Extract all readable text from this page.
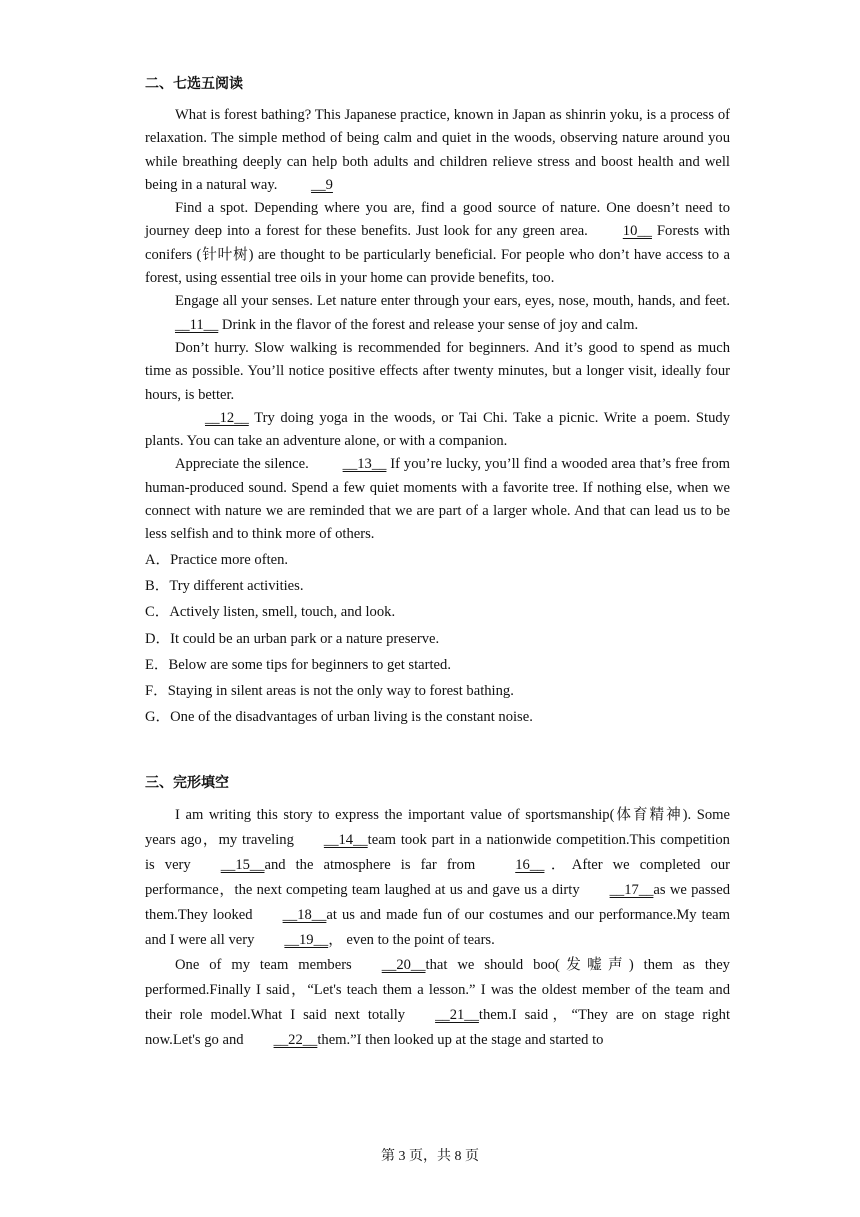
二、七选五阅读

What is forest bathing? This Japanese practice, known in Japan as shinrin yoku, is a process of relaxation. The simple method of being calm and quiet in the woods, observing nature around you while breathing deeply can help both adults and children relieve stress and boost health and well being in a natural way. __9

Find a spot. Depending where you are, find a good source of nature. One doesn’t need to journey deep into a forest for these benefits. Just look for any green area. 10__ Forests with conifers (针叶树) are thought to be particularly beneficial. For people who don’t have access to a forest, using essential tree oils in your home can provide benefits, too.

Engage all your senses. Let nature enter through your ears, eyes, nose, mouth, hands, and feet. __11__ Drink in the flavor of the forest and release your sense of joy and calm.

Don’t hurry. Slow walking is recommended for beginners. And it’s good to spend as much time as possible. You’ll notice positive effects after twenty minutes, but a longer visit, ideally four hours, is better.

__12__ Try doing yoga in the woods, or Tai Chi. Take a picnic. Write a poem. Study plants. You can take an adventure alone, or with a companion.

Appreciate the silence. __13__ If you’re lucky, you’ll find a wooded area that’s free from human-produced sound. Spend a few quiet moments with a favorite tree. If nothing else, when we connect with nature we are reminded that we are part of a larger whole. And that can lead us to be less selfish and to think more of others.

A．Practice more often.

B．Try different activities.

C．Actively listen, smell, touch, and look.

D．It could be an urban park or a nature preserve.

E．Below are some tips for beginners to get started.

F．Staying in silent areas is not the only way to forest bathing.

G．One of the disadvantages of urban living is the constant noise.

三、完形填空

I am writing this story to express the important value of sportsmanship(体育精神). Some years ago，my traveling __14__team took part in a nationwide competition.This competition is very __15__and the atmosphere is far from	16__．After we completed our performance，the next competing team laughed at us and gave us a dirty __17__as we passed them.They looked __18__at us and made fun of our costumes and our performance.My team and I were all very __19__， even to the point of tears.

One of my team members __20__that we should boo(发嘘声) them as they performed.Finally I said，“Let's teach them a lesson.” I was the oldest member of the team and their role model.What I said next totally __21__them.I said，“They are on stage right now.Let's go and __22__them.”I then looked up at the stage and started to

第 3 页，共 8 页
